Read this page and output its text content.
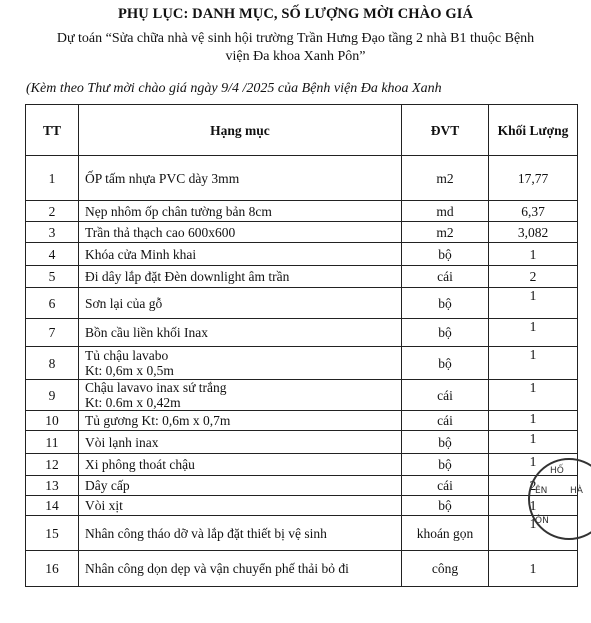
PHỤ LỤC: DANH MỤC, SỐ LƯỢNG MỜI CHÀO GIÁ
Dự toán “Sửa chữa nhà vệ sinh hội trường Trần Hưng Đạo tầng 2 nhà B1 thuộc Bệnh
viện Đa khoa Xanh Pôn”
(Kèm theo Thư mời chào giá ngày 9/4 /2025 của Bệnh viện Đa khoa Xanh
TT	Hạng mục	ĐVT	Khối Lượng
1	ỐP tấm nhựa PVC dày 3mm	m2	17,77
2	Nẹp nhôm ốp chân tường bản 8cm	md	6,37
3	Trần thả thạch cao 600x600	m2	3,082
4	Khóa cửa Minh khai	bộ	1
5	Đi dây lắp đặt Đèn downlight âm trần	cái	2
6	Sơn lại của gỗ	bộ	1
7	Bồn cầu liền khối Inax	bộ	1
8	Tủ chậu lavabo
Kt: 0,6m x 0,5m	bộ	1
9	Chậu lavavo inax sứ trắng
Kt: 0.6m x 0,42m	cái	1
10	Tủ gương Kt: 0,6m x 0,7m	cái	1
11	Vòi lạnh inax	bộ	1
12	Xi phông thoát chậu	bộ	1
13	Dây cấp	cái	2
14	Vòi xịt	bộ	1
15	Nhân công tháo dỡ và lắp đặt thiết bị vệ sinh	khoán gọn	1
16	Nhân công dọn dẹp và vận chuyển phế thải bỏ đi	công	1
HỐ
ÊN	HÀ
ÔN
